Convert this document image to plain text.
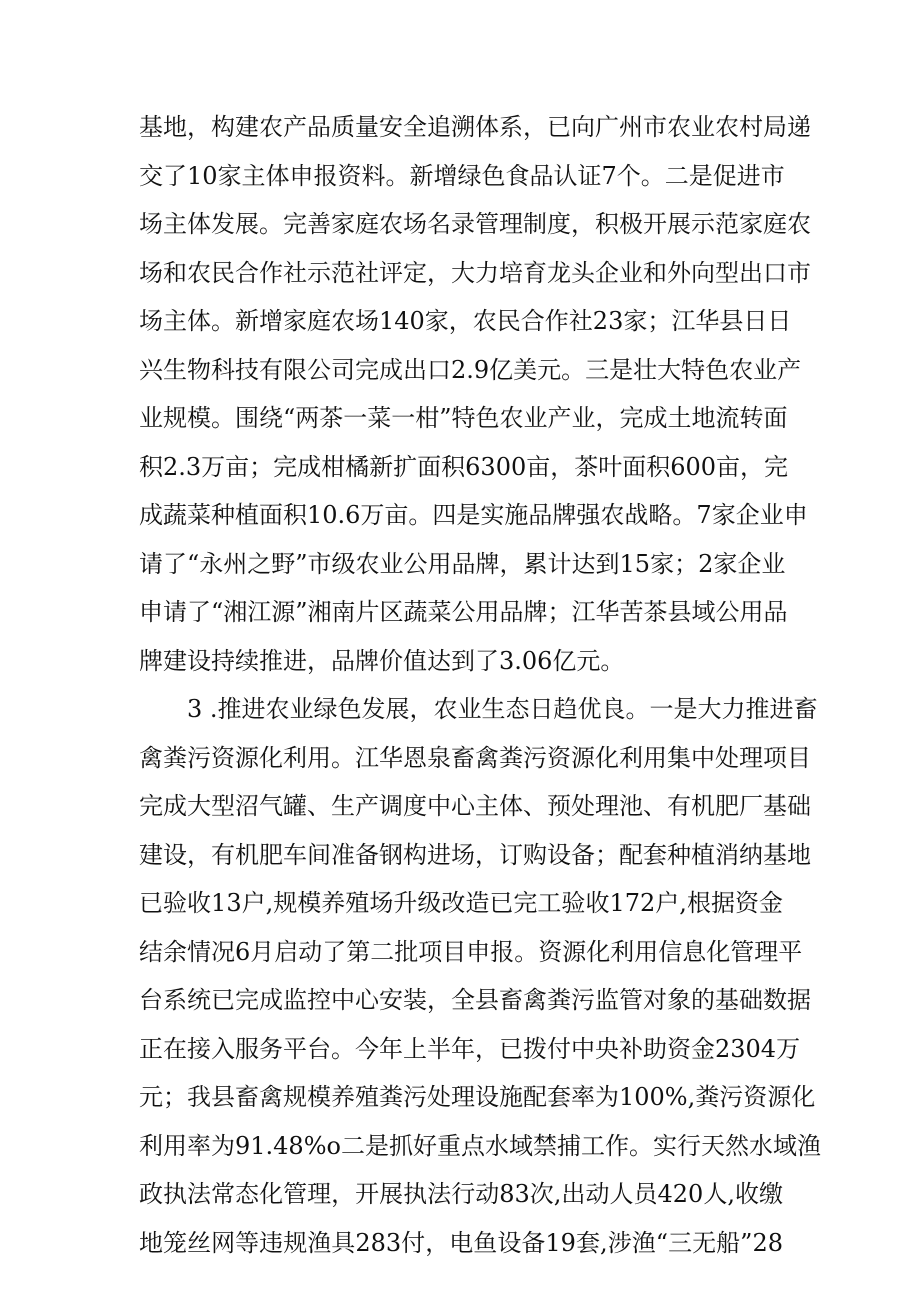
基地，构建农产品质量安全追溯体系，已向广州市农业农村局递
交了10家主体申报资料。新增绿色食品认证7个。二是促进市
场主体发展。完善家庭农场名录管理制度，积极开展示范家庭农
场和农民合作社示范社评定，大力培育龙头企业和外向型出口市
场主体。新增家庭农场140家，农民合作社23家；江华县日日
兴生物科技有限公司完成出口2.9亿美元。三是壮大特色农业产
业规模。围绕“两茶一菜一柑”特色农业产业，完成土地流转面
积2.3万亩；完成柑橘新扩面积6300亩，茶叶面积600亩，完
成蔬菜种植面积10.6万亩。四是实施品牌强农战略。7家企业申
请了“永州之野”市级农业公用品牌，累计达到15家；2家企业
申请了“湘江源”湘南片区蔬菜公用品牌；江华苦茶县域公用品
牌建设持续推进，品牌价值达到了3.06亿元。
3 .推进农业绿色发展，农业生态日趋优良。一是大力推进畜
禽粪污资源化利用。江华恩泉畜禽粪污资源化利用集中处理项目
完成大型沼气罐、生产调度中心主体、预处理池、有机肥厂基础
建设，有机肥车间准备钢构进场，订购设备；配套种植消纳基地
已验收13户,规模养殖场升级改造已完工验收172户,根据资金
结余情况6月启动了第二批项目申报。资源化利用信息化管理平
台系统已完成监控中心安装，全县畜禽粪污监管对象的基础数据
正在接入服务平台。今年上半年，已拨付中央补助资金2304万
元；我县畜禽规模养殖粪污处理设施配套率为100%,粪污资源化
利用率为91.48%o二是抓好重点水域禁捕工作。实行天然水域渔
政执法常态化管理，开展执法行动83次,出动人员420人,收缴
地笼丝网等违规渔具283付，电鱼设备19套,涉渔“三无船”28
